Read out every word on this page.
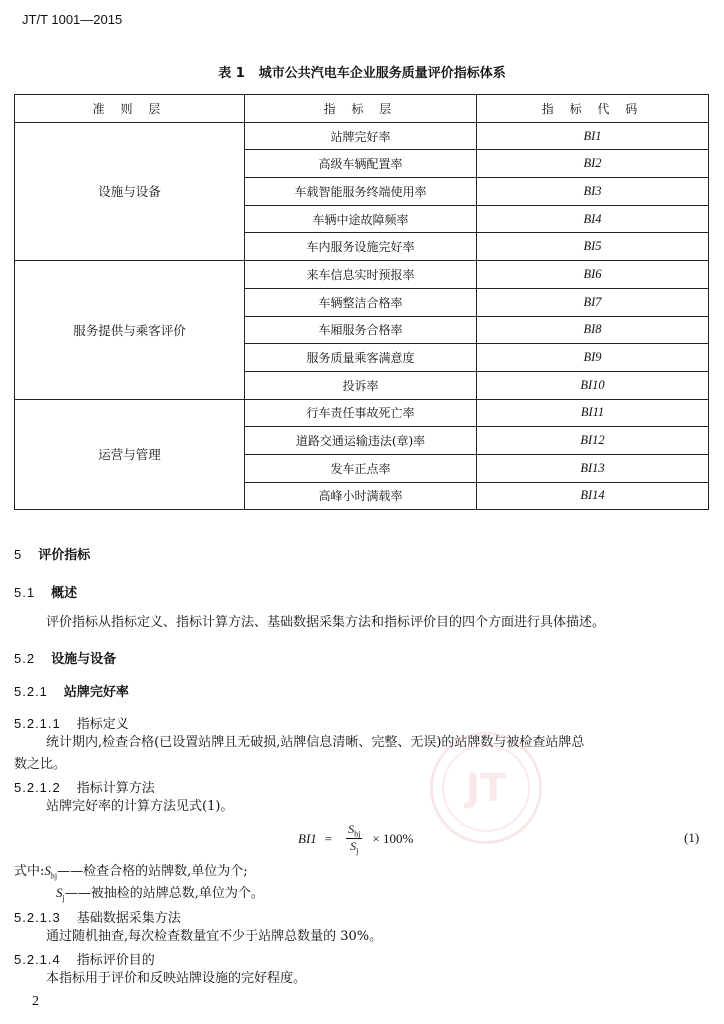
JT/T 1001—2015
表 1 城市公共汽电车企业服务质量评价指标体系
准 则 层	指 标 层	指 标 代 码
设施与设备	站牌完好率	BI1
	高级车辆配置率	BI2
	车载智能服务终端使用率	BI3
	车辆中途故障频率	BI4
	车内服务设施完好率	BI5
服务提供与乘客评价	来车信息实时预报率	BI6
	车辆整洁合格率	BI7
	车厢服务合格率	BI8
	服务质量乘客满意度	BI9
	投诉率	BI10
运营与管理	行车责任事故死亡率	BI11
	道路交通运输违法(章)率	BI12
	发车正点率	BI13
	高峰小时满载率	BI14
5 评价指标
5.1 概述
评价指标从指标定义、指标计算方法、基础数据采集方法和指标评价目的四个方面进行具体描述。
5.2 设施与设备
5.2.1 站牌完好率
5.2.1.1 指标定义
统计期内,检查合格(已设置站牌且无破损,站牌信息清晰、完整、无误)的站牌数与被检查站牌总
数之比。
5.2.1.2 指标计算方法
站牌完好率的计算方法见式(1)。
$BI1 = \frac{S_{hj}}{S_j} \times 100\%$	(1)
式中$:S_{hj}——$检查合格的站牌数,单位为个;
$S_j——$被抽检的站牌总数,单位为个。
5.2.1.3 基础数据采集方法
通过随机抽查,每次检查数量宜不少于站牌总数量的 30%。
5.2.1.4 指标评价目的
本指标用于评价和反映站牌设施的完好程度。
JT
2
